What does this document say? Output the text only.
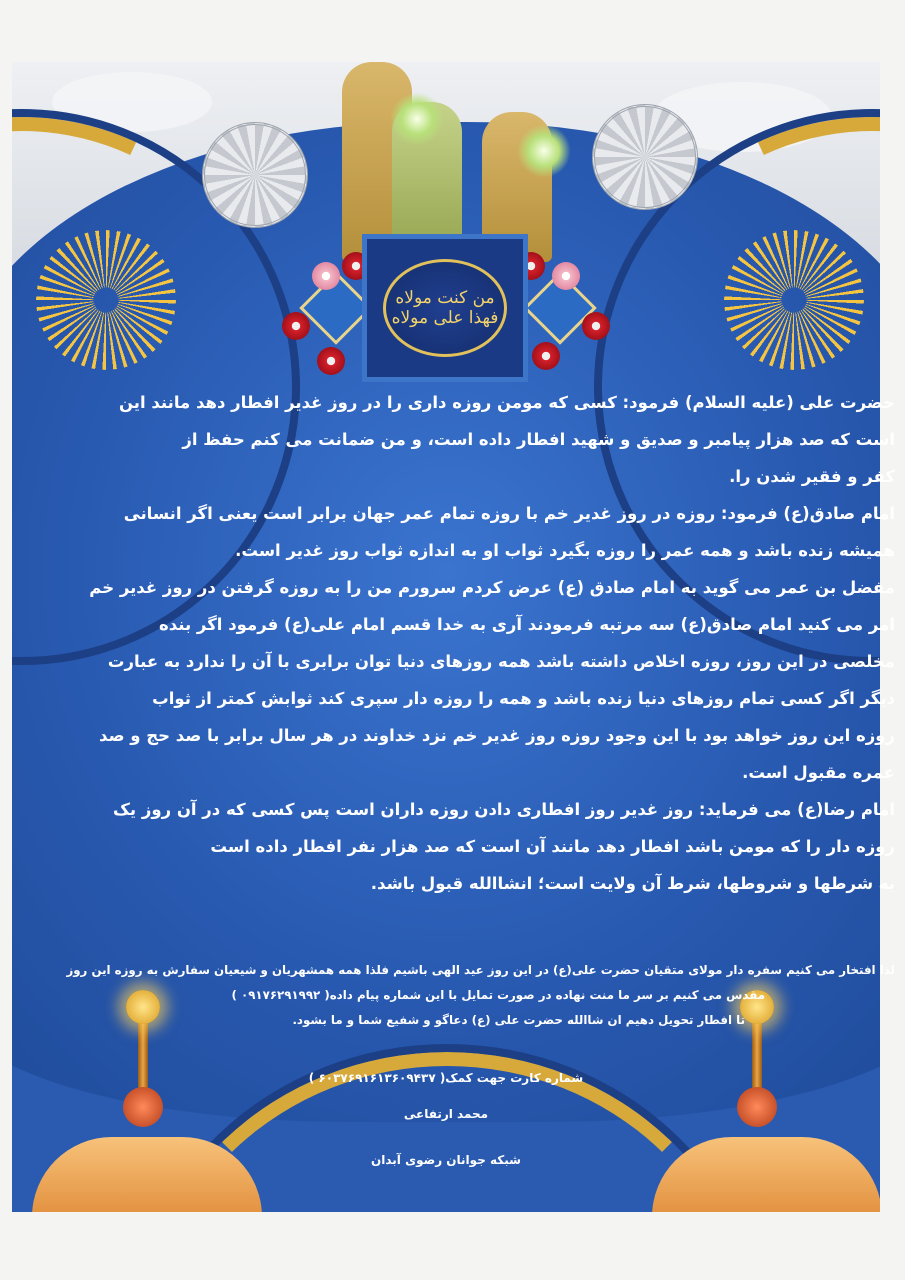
من کنت مولاه فهذا علی مولاه

حضرت علی (علیه السلام) فرمود: کسی که مومن روزه داری را در روز غدیر افطار دهد مانند این

است که صد هزار پیامبر و صدیق و شهید افطار داده است، و من ضمانت می کنم حفظ از

کفر و فقیر شدن را.

امام صادق(ع) فرمود: روزه در روز غدیر خم با روزه تمام عمر جهان برابر است یعنی اگر انسانی

همیشه زنده باشد و همه عمر را روزه بگیرد ثواب او به اندازه ثواب روز غدیر است.

مفضل بن عمر می گوید به امام صادق (ع) عرض کردم سرورم من را به روزه گرفتن در روز غدیر خم

امر می کنید امام صادق(ع) سه مرتبه فرمودند آری به خدا قسم امام علی(ع) فرمود اگر بنده

مخلصی در این روز، روزه اخلاص داشته باشد همه روزهای دنیا توان برابری با آن را ندارد به عبارت

دیگر اگر کسی تمام روزهای دنیا زنده باشد و همه را روزه دار سپری کند ثوابش کمتر از ثواب

روزه این روز خواهد بود با این وجود روزه روز غدیر خم نزد خداوند در هر سال برابر با صد حج و صد

عمره مقبول است.

امام رضا(ع) می فرماید: روز غدیر روز افطاری دادن روزه داران است پس کسی که در آن روز یک

روزه دار را که مومن باشد افطار دهد مانند آن است که صد هزار نفر افطار داده است

به شرطها و شروطها، شرط آن ولایت است؛ انشاالله قبول باشد.

لذا افتخار می کنیم سفره دار مولای متقیان حضرت علی(ع) در این روز عید الهی باشیم فلذا همه همشهریان و شیعیان سفارش به روزه این روز

مقدس می کنیم بر سر ما منت نهاده در صورت تمایل با این شماره پیام داده( ۰۹۱۷۶۲۹۱۹۹۲ )

تا افطار تحویل دهیم ان شاالله حضرت علی (ع) دعاگو و شفیع شما و ما بشود.

شماره کارت جهت کمک( ۶۰۳۷۶۹۱۶۱۳۶۰۹۴۳۷ )
محمد ارتفاعی
شبکه جوانان رضوی آبدان
